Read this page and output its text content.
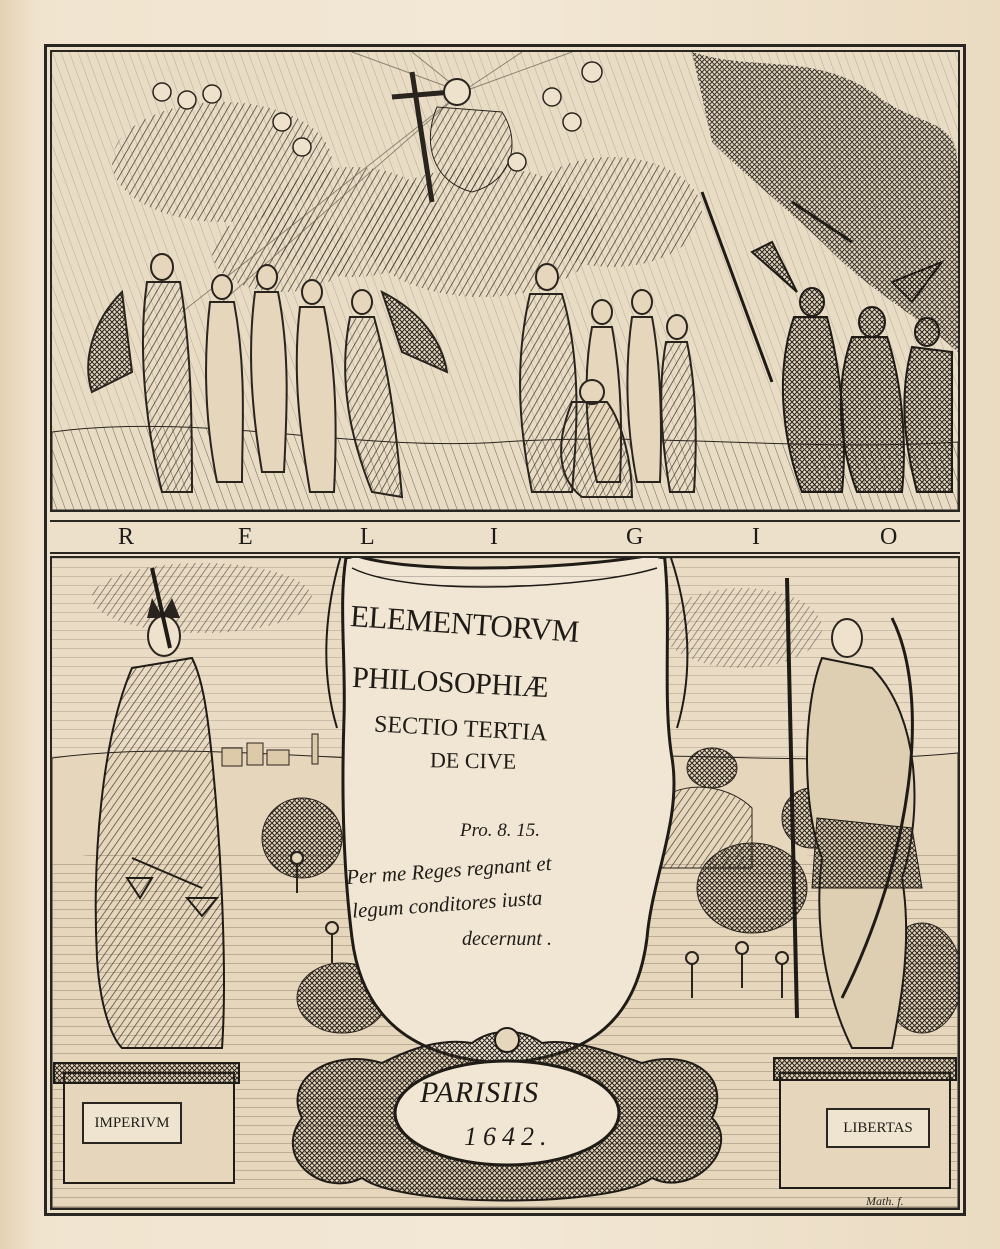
R	E	L	I	G	I	O
ELEMENTORVM
PHILOSOPHIÆ
SECTIO TERTIA
DE CIVE
Pro. 8. 15.
Per me Reges regnant et
legum conditores iusta
decernunt .
PARISIIS
1642.
IMPERIVM	LIBERTAS
Math. f.
